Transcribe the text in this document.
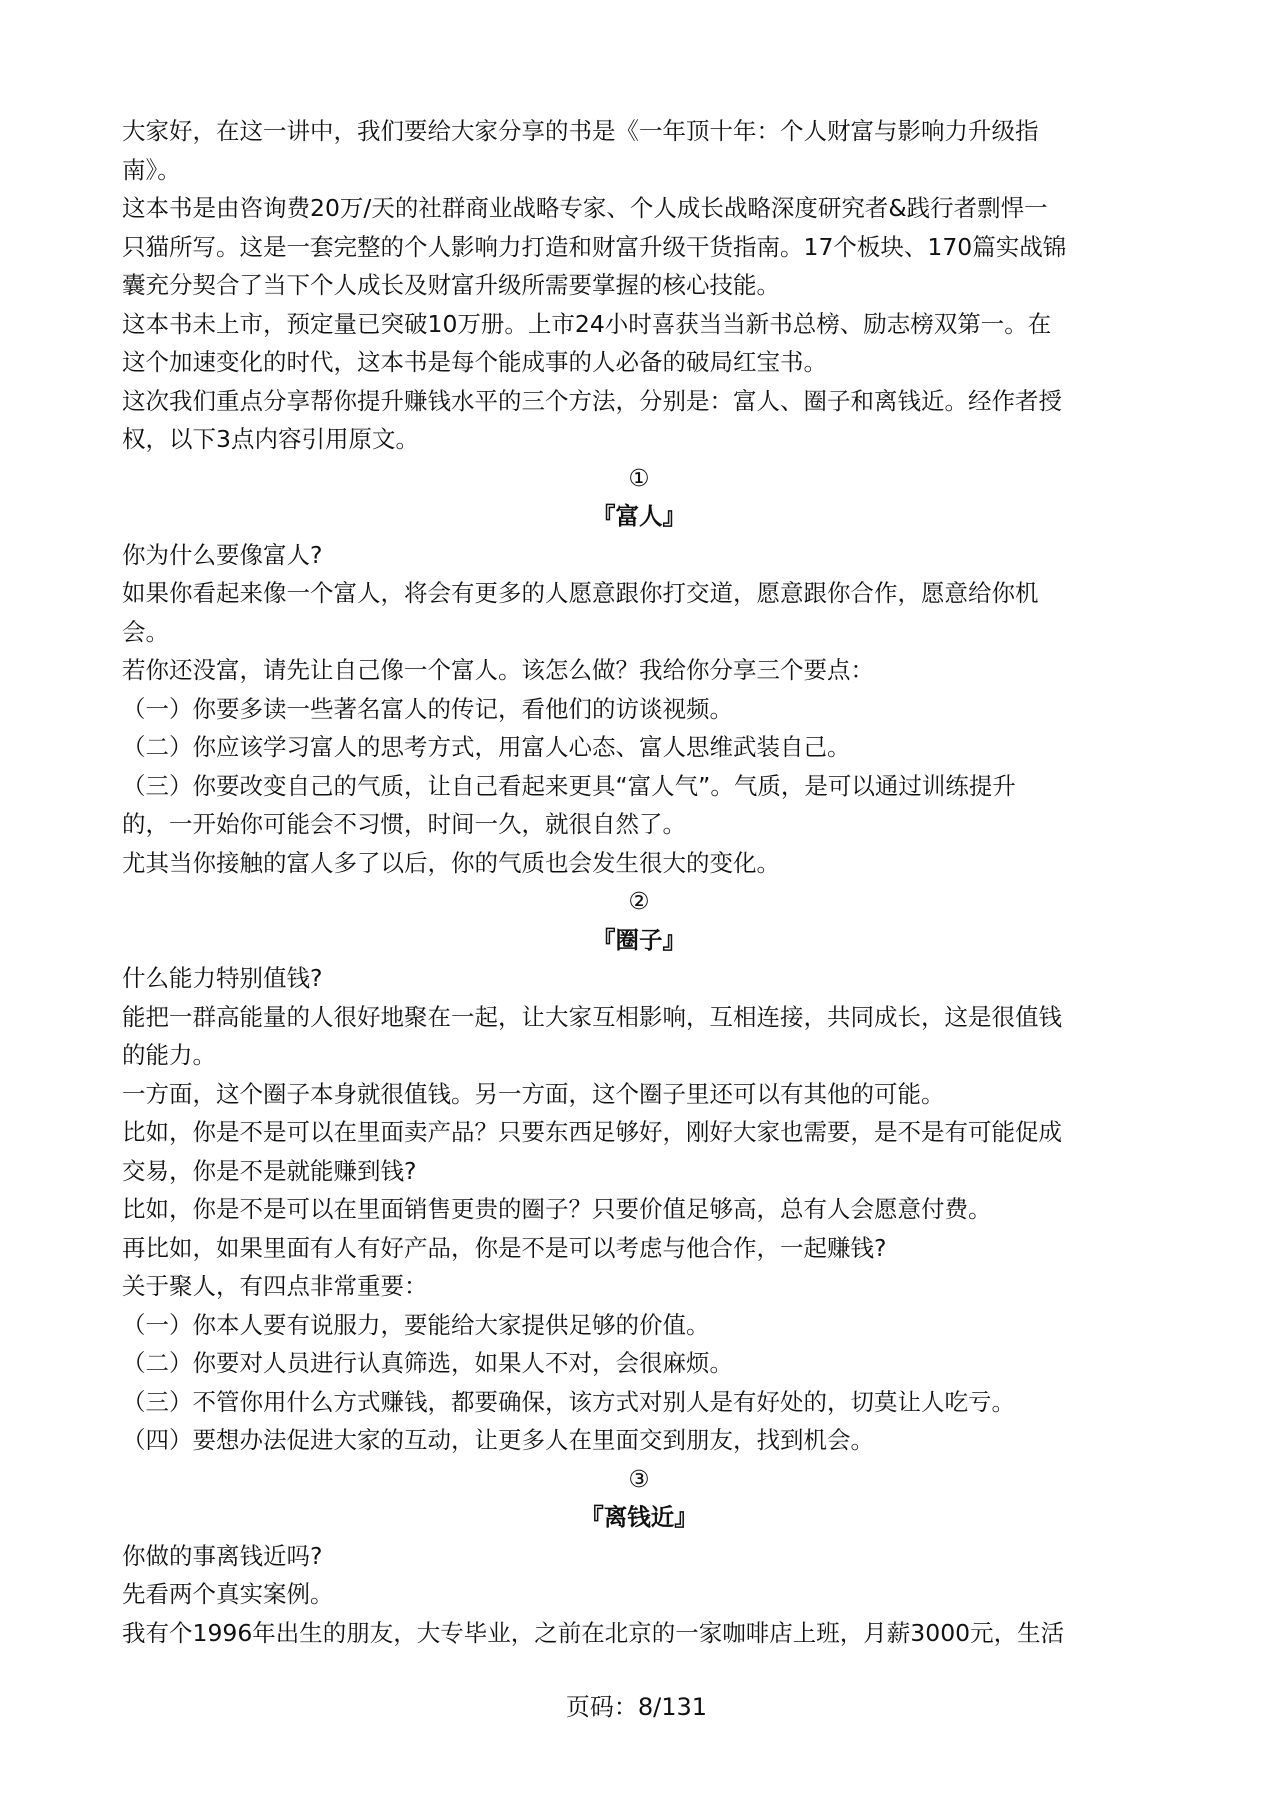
大家好，在这一讲中，我们要给大家分享的书是《一年顶十年：个人财富与影响力升级指

南》。

这本书是由咨询费20万/天的社群商业战略专家、个人成长战略深度研究者&践行者剽悍一

只猫所写。这是一套完整的个人影响力打造和财富升级干货指南。17个板块、170篇实战锦

囊充分契合了当下个人成长及财富升级所需要掌握的核心技能。

这本书未上市，预定量已突破10万册。上市24小时喜获当当新书总榜、励志榜双第一。在

这个加速变化的时代，这本书是每个能成事的人必备的破局红宝书。

这次我们重点分享帮你提升赚钱水平的三个方法，分别是：富人、圈子和离钱近。经作者授

权，以下3点内容引用原文。

①

『富人』

你为什么要像富人?

如果你看起来像一个富人，将会有更多的人愿意跟你打交道，愿意跟你合作，愿意给你机

会。

若你还没富，请先让自己像一个富人。该怎么做？我给你分享三个要点：

（一）你要多读一些著名富人的传记，看他们的访谈视频。

（二）你应该学习富人的思考方式，用富人心态、富人思维武装自己。

（三）你要改变自己的气质，让自己看起来更具“富人气”。气质，是可以通过训练提升

的，一开始你可能会不习惯，时间一久，就很自然了。

尤其当你接触的富人多了以后，你的气质也会发生很大的变化。

②

『圈子』

什么能力特别值钱?

能把一群高能量的人很好地聚在一起，让大家互相影响，互相连接，共同成长，这是很值钱

的能力。

一方面，这个圈子本身就很值钱。另一方面，这个圈子里还可以有其他的可能。

比如，你是不是可以在里面卖产品？只要东西足够好，刚好大家也需要，是不是有可能促成

交易，你是不是就能赚到钱?

比如，你是不是可以在里面销售更贵的圈子？只要价值足够高，总有人会愿意付费。

再比如，如果里面有人有好产品，你是不是可以考虑与他合作，一起赚钱?

关于聚人，有四点非常重要：

（一）你本人要有说服力，要能给大家提供足够的价值。

（二）你要对人员进行认真筛选，如果人不对，会很麻烦。

（三）不管你用什么方式赚钱，都要确保，该方式对别人是有好处的，切莫让人吃亏。

（四）要想办法促进大家的互动，让更多人在里面交到朋友，找到机会。

③

『离钱近』

你做的事离钱近吗?

先看两个真实案例。

我有个1996年出生的朋友，大专毕业，之前在北京的一家咖啡店上班，月薪3000元，生活

页码：8/131
